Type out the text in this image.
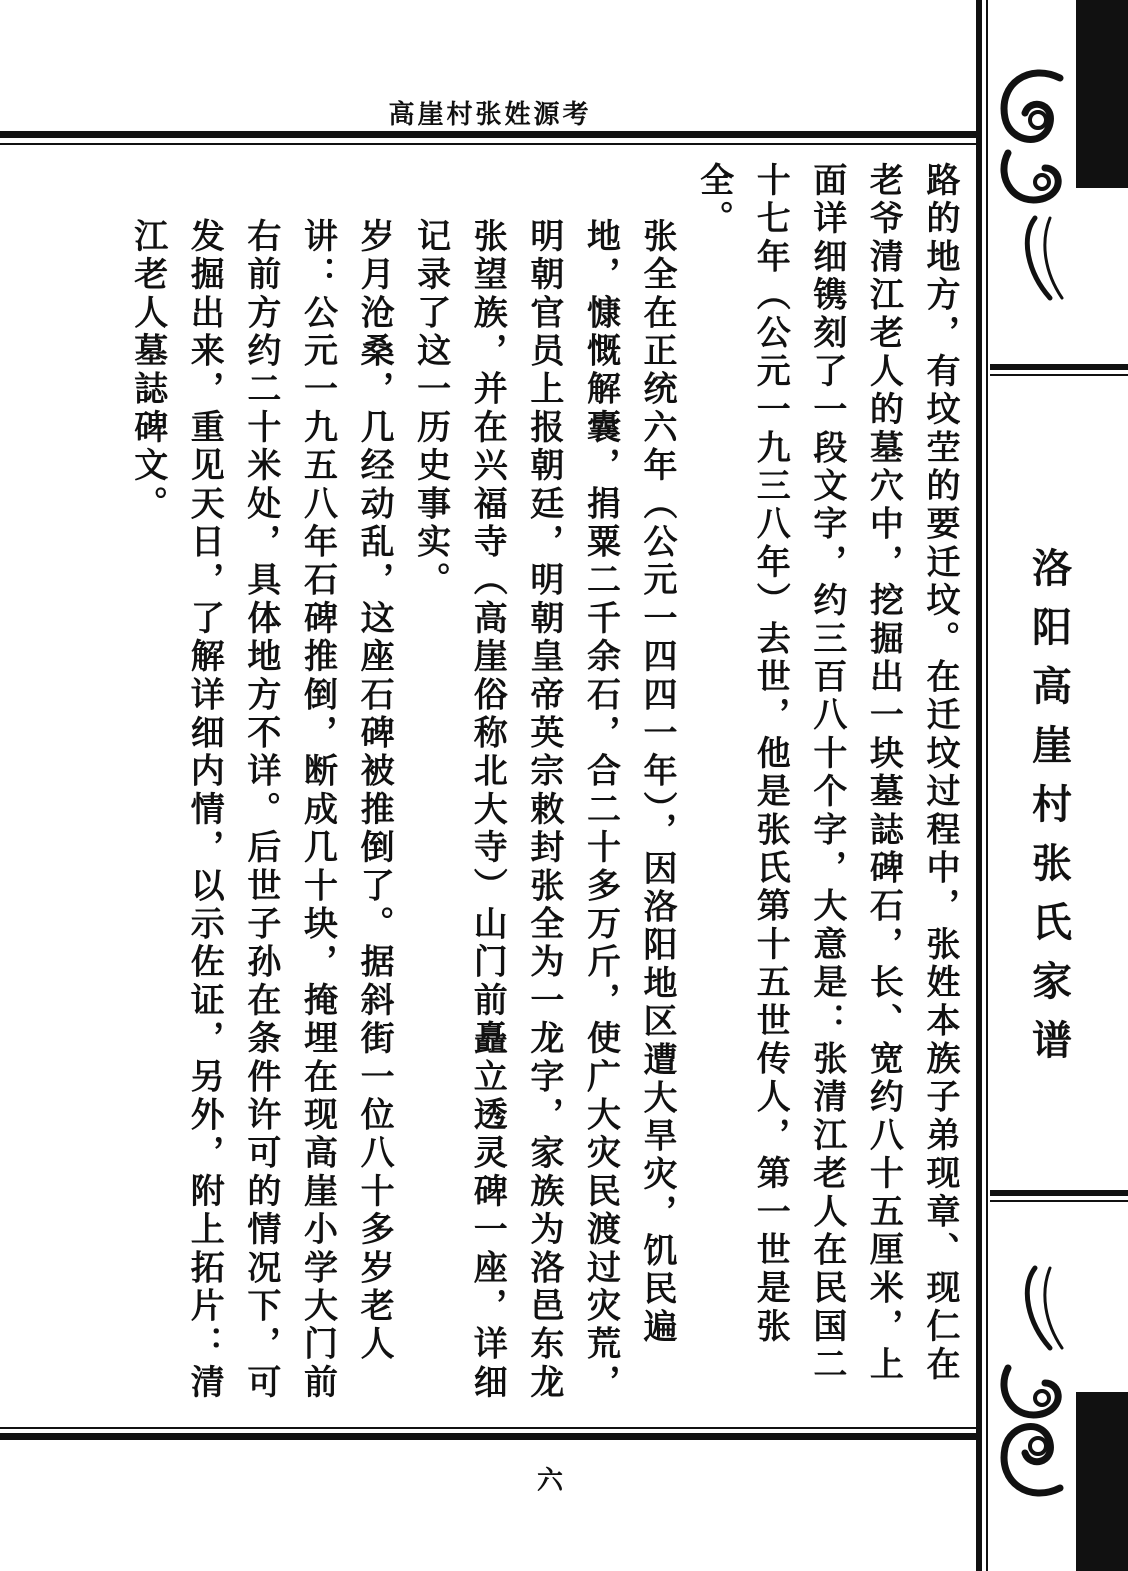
高崖村张姓源考
洛阳高崖村张氏家谱

路的地方，有坟茔的要迁坟。在迁坟过程中，张姓本族子弟现章、现仁在老爷清江老人的墓穴中，挖掘出一块墓誌碑石，长、宽约八十五厘米，上面详细镌刻了一段文字，约三百八十个字，大意是：张清江老人在民国二十七年（公元一九三八年）去世，他是张氏第十五世传人，第一世是张全。

张全在正统六年（公元一四四一年），因洛阳地区遭大旱灾，饥民遍地，慷慨解囊，捐粟二千余石，合二十多万斤，使广大灾民渡过灾荒，明朝官员上报朝廷，明朝皇帝英宗敕封张全为一龙字，家族为洛邑东龙张望族，并在兴福寺（高崖俗称北大寺）山门前矗立透灵碑一座，详细记录了这一历史事实。

岁月沧桑，几经动乱，这座石碑被推倒了。据斜街一位八十多岁老人讲：公元一九五八年石碑推倒，断成几十块，掩埋在现高崖小学大门前右前方约二十米处，具体地方不详。后世子孙在条件许可的情况下，可发掘出来，重见天日，了解详细内情，以示佐证，另外，附上拓片：清江老人墓誌碑文。

六
